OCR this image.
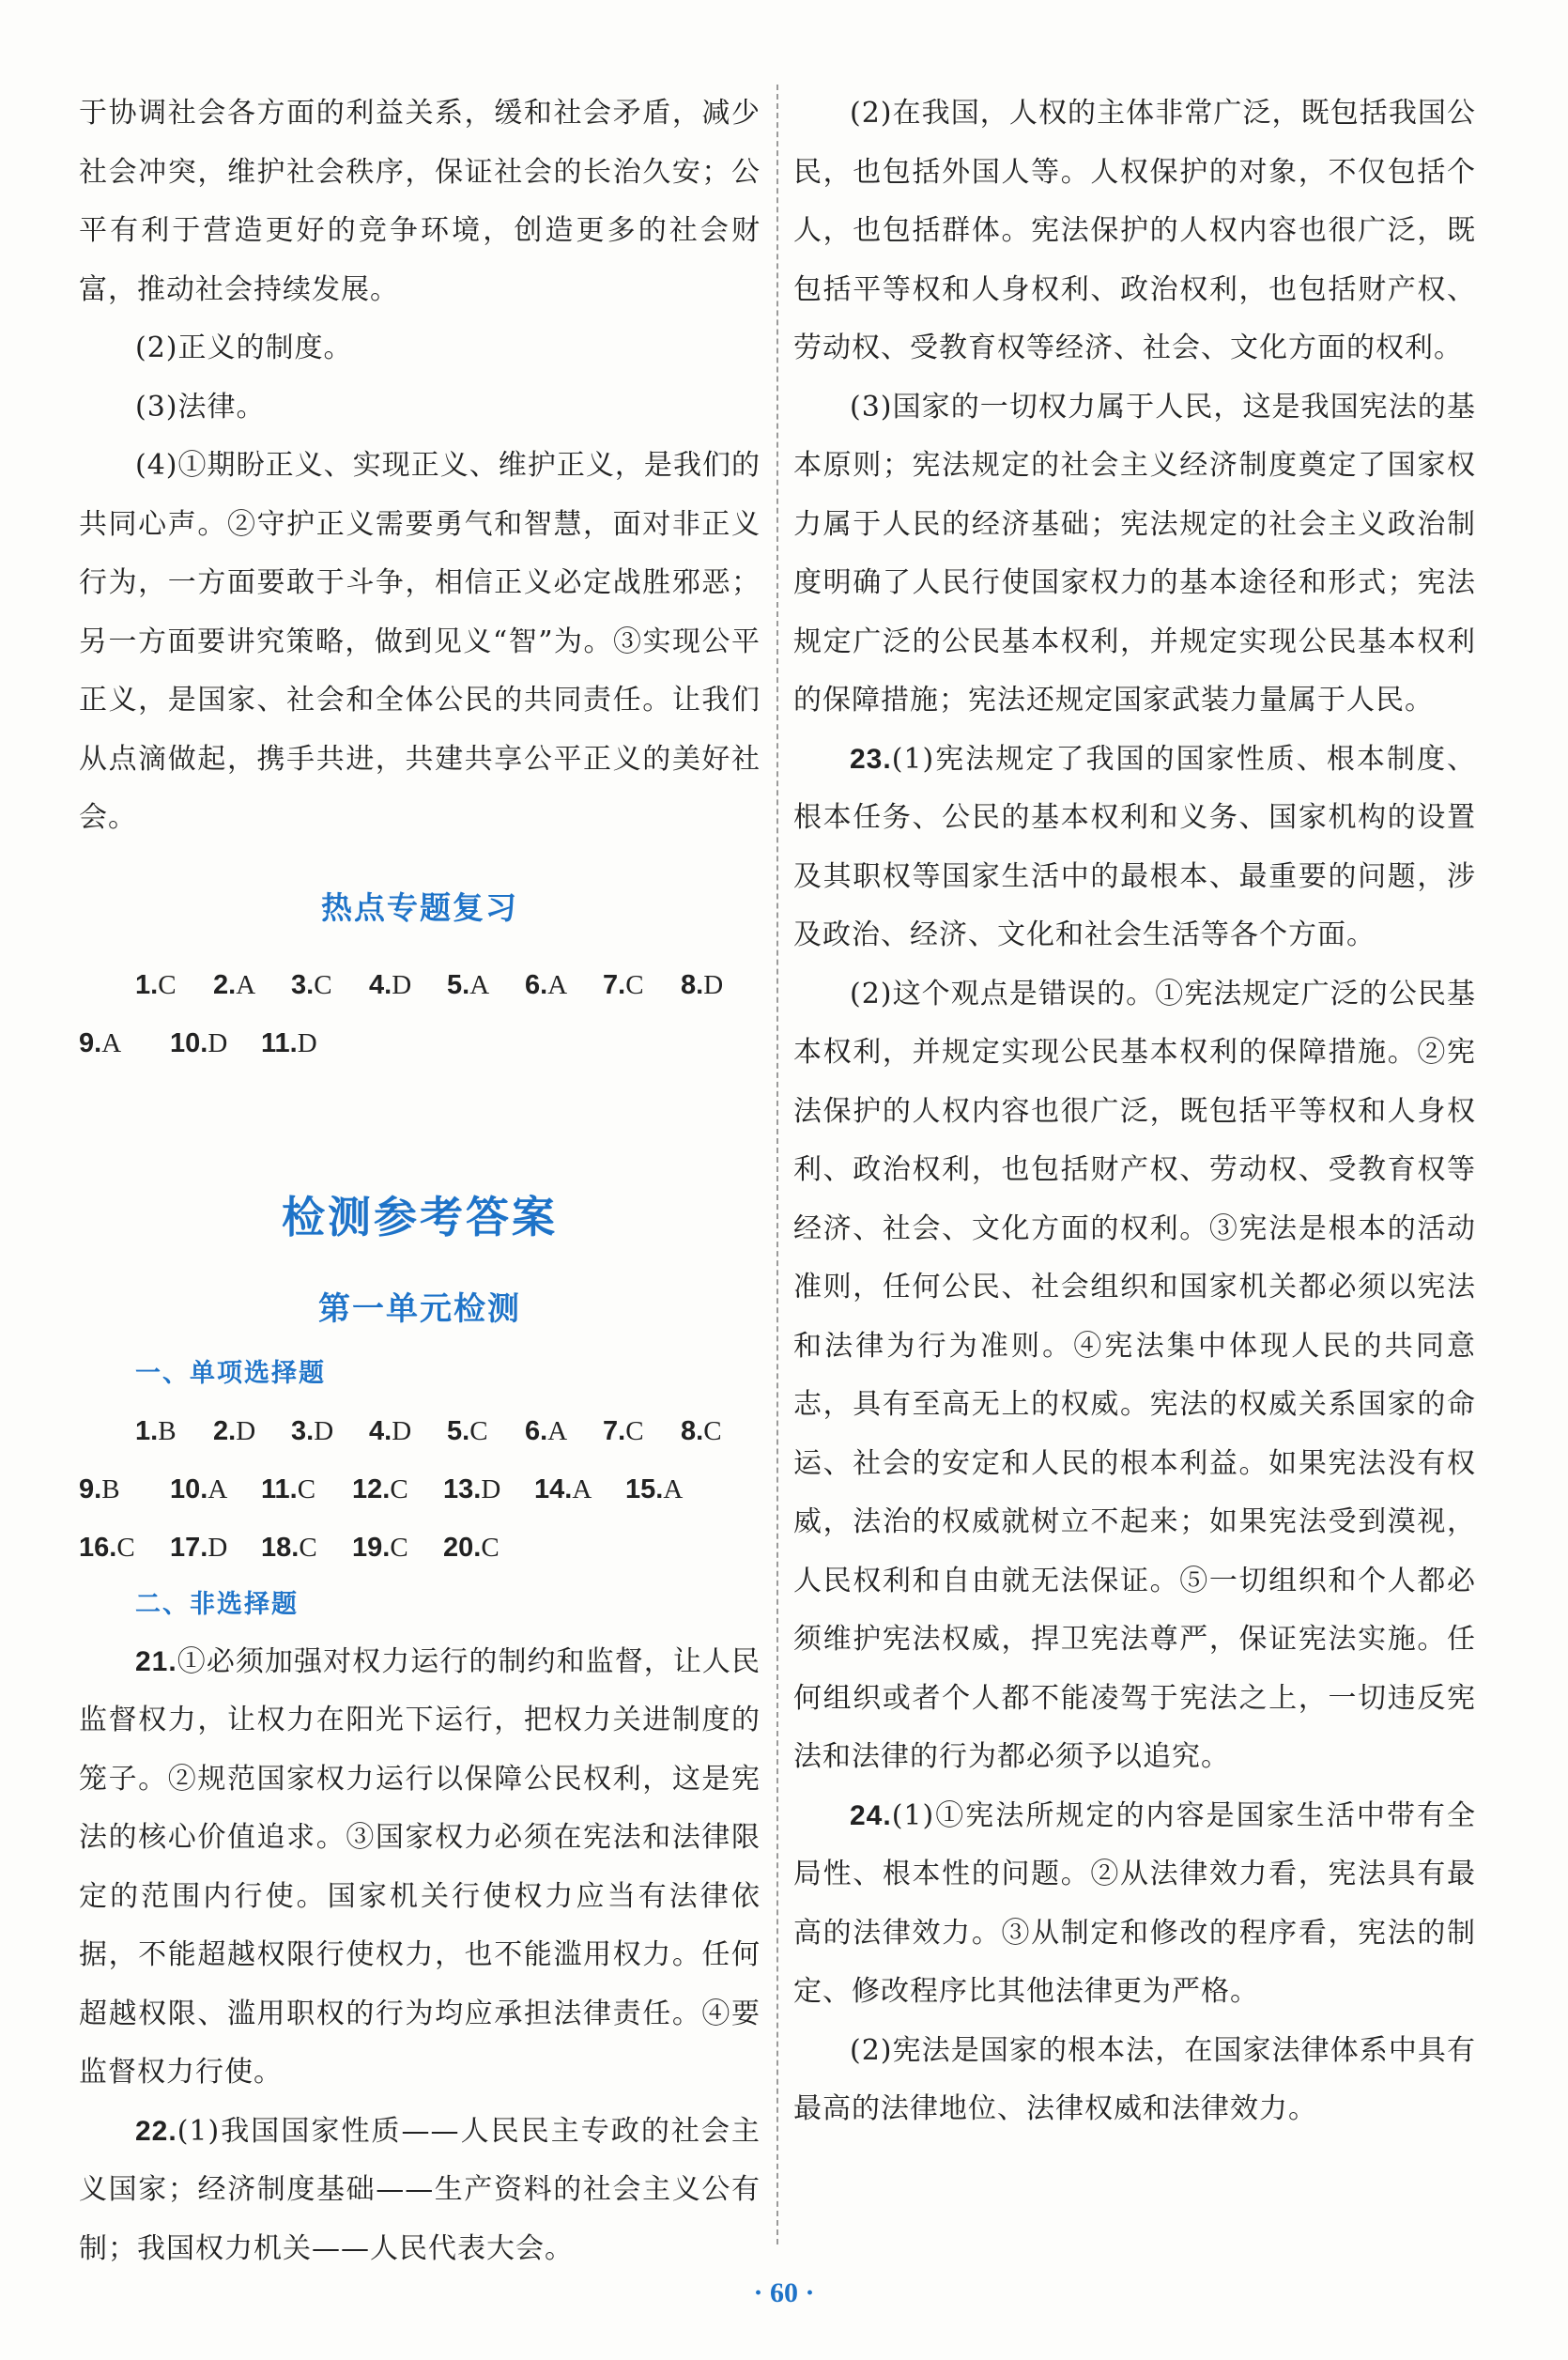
于协调社会各方面的利益关系，缓和社会矛盾，减少社会冲突，维护社会秩序，保证社会的长治久安；公平有利于营造更好的竞争环境，创造更多的社会财富，推动社会持续发展。

(2)正义的制度。

(3)法律。

(4)①期盼正义、实现正义、维护正义，是我们的共同心声。②守护正义需要勇气和智慧，面对非正义行为，一方面要敢于斗争，相信正义必定战胜邪恶；另一方面要讲究策略，做到见义“智”为。③实现公平正义，是国家、社会和全体公民的共同责任。让我们从点滴做起，携手共进，共建共享公平正义的美好社会。

热点专题复习
1.C 2.A 3.C 4.D 5.A 6.A 7.C 8.D
9.A 10.D 11.D
检测参考答案
第一单元检测
一、单项选择题
1.B 2.D 3.D 4.D 5.C 6.A 7.C 8.C
9.B 10.A 11.C 12.C 13.D 14.A 15.A
16.C 17.D 18.C 19.C 20.C
二、非选择题

21.①必须加强对权力运行的制约和监督，让人民监督权力，让权力在阳光下运行，把权力关进制度的笼子。②规范国家权力运行以保障公民权利，这是宪法的核心价值追求。③国家权力必须在宪法和法律限定的范围内行使。国家机关行使权力应当有法律依据，不能超越权限行使权力，也不能滥用权力。任何超越权限、滥用职权的行为均应承担法律责任。④要监督权力行使。

22.(1)我国国家性质——人民民主专政的社会主义国家；经济制度基础——生产资料的社会主义公有制；我国权力机关——人民代表大会。

(2)在我国，人权的主体非常广泛，既包括我国公民，也包括外国人等。人权保护的对象，不仅包括个人，也包括群体。宪法保护的人权内容也很广泛，既包括平等权和人身权利、政治权利，也包括财产权、劳动权、受教育权等经济、社会、文化方面的权利。

(3)国家的一切权力属于人民，这是我国宪法的基本原则；宪法规定的社会主义经济制度奠定了国家权力属于人民的经济基础；宪法规定的社会主义政治制度明确了人民行使国家权力的基本途径和形式；宪法规定广泛的公民基本权利，并规定实现公民基本权利的保障措施；宪法还规定国家武装力量属于人民。

23.(1)宪法规定了我国的国家性质、根本制度、根本任务、公民的基本权利和义务、国家机构的设置及其职权等国家生活中的最根本、最重要的问题，涉及政治、经济、文化和社会生活等各个方面。

(2)这个观点是错误的。①宪法规定广泛的公民基本权利，并规定实现公民基本权利的保障措施。②宪法保护的人权内容也很广泛，既包括平等权和人身权利、政治权利，也包括财产权、劳动权、受教育权等经济、社会、文化方面的权利。③宪法是根本的活动准则，任何公民、社会组织和国家机关都必须以宪法和法律为行为准则。④宪法集中体现人民的共同意志，具有至高无上的权威。宪法的权威关系国家的命运、社会的安定和人民的根本利益。如果宪法没有权威，法治的权威就树立不起来；如果宪法受到漠视，人民权利和自由就无法保证。⑤一切组织和个人都必须维护宪法权威，捍卫宪法尊严，保证宪法实施。任何组织或者个人都不能凌驾于宪法之上，一切违反宪法和法律的行为都必须予以追究。

24.(1)①宪法所规定的内容是国家生活中带有全局性、根本性的问题。②从法律效力看，宪法具有最高的法律效力。③从制定和修改的程序看，宪法的制定、修改程序比其他法律更为严格。

(2)宪法是国家的根本法，在国家法律体系中具有最高的法律地位、法律权威和法律效力。

· 60 ·
